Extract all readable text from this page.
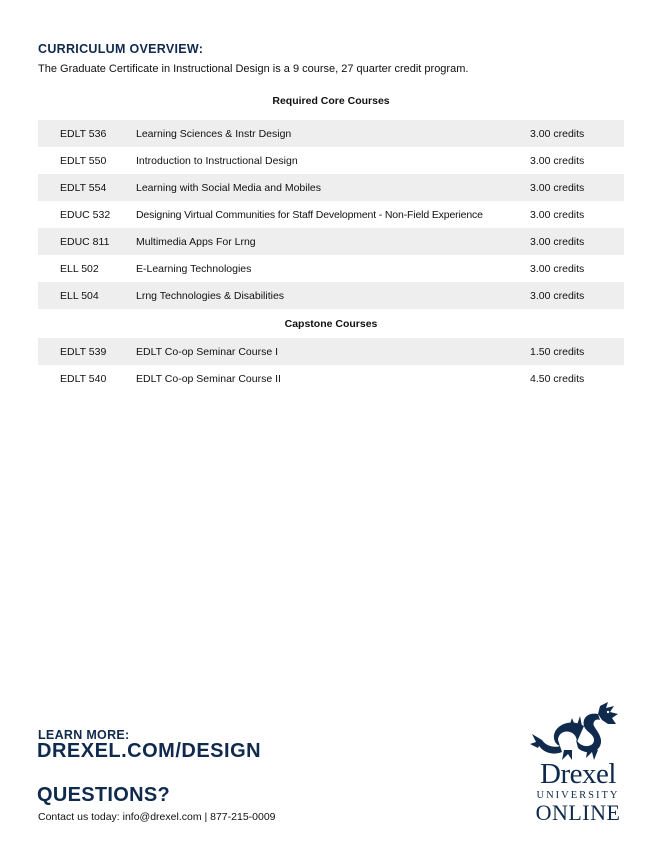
CURRICULUM OVERVIEW:
The Graduate Certificate in Instructional Design is a 9 course, 27 quarter credit program.
Required Core Courses
EDLT 536	Learning Sciences & Instr Design	3.00 credits
EDLT 550	Introduction to Instructional Design	3.00 credits
EDLT 554	Learning with Social Media and Mobiles	3.00 credits
EDUC 532	Designing Virtual Communities for Staff Development - Non-Field Experience	3.00 credits
EDUC 811	Multimedia Apps For Lrng	3.00 credits
ELL 502	E-Learning Technologies	3.00 credits
ELL 504	Lrng Technologies & Disabilities	3.00 credits
Capstone Courses
EDLT 539	EDLT Co-op Seminar Course I	1.50 credits
EDLT 540	EDLT Co-op Seminar Course II	4.50 credits
LEARN MORE:
DREXEL.COM/DESIGN
QUESTIONS?
Contact us today: info@drexel.com | 877-215-0009
Drexel
UNIVERSITY
ONLINE
